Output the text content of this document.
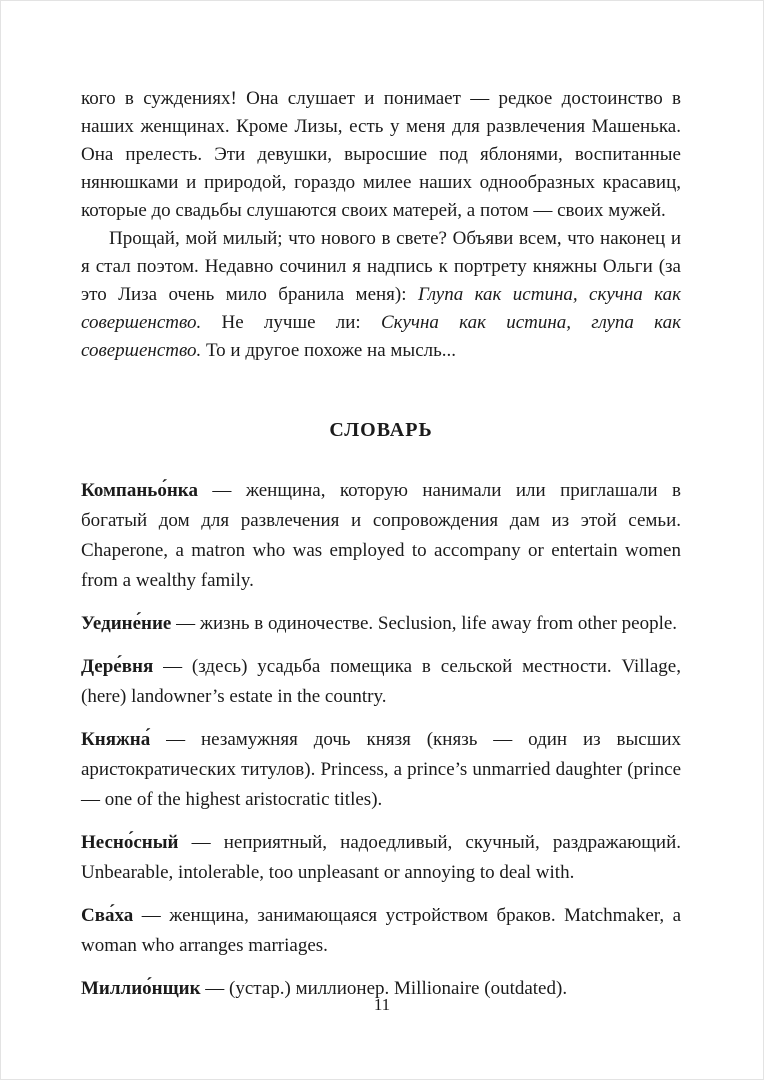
кого в суждениях! Она слушает и понимает — редкое достоинство в наших женщинах. Кроме Лизы, есть у меня для развлечения Машенька. Она прелесть. Эти девушки, выросшие под яблонями, воспитанные нянюшками и природой, гораздо милее наших однообразных красавиц, которые до свадьбы слушаются своих матерей, а потом — своих мужей.

Прощай, мой милый; что нового в свете? Объяви всем, что наконец и я стал поэтом. Недавно сочинил я надпись к портрету княжны Ольги (за это Лиза очень мило бранила меня): Глупа как истина, скучна как совершенство. Не лучше ли: Скучна как истина, глупа как совершенство. То и другое похоже на мысль...

СЛОВАРЬ

Компаньо́нка — женщина, которую нанимали или приглашали в богатый дом для развлечения и сопровождения дам из этой семьи. Chaperone, a matron who was employed to accompany or entertain women from a wealthy family.

Уедине́ние — жизнь в одиночестве. Seclusion, life away from other people.

Дере́вня — (здесь) усадьба помещика в сельской местности. Village, (here) landowner’s estate in the country.

Княжна́ — незамужняя дочь князя (князь — один из высших аристократических титулов). Princess, a prince’s unmarried daughter (prince — one of the highest aristocratic titles).

Несно́сный — неприятный, надоедливый, скучный, раздражающий. Unbearable, intolerable, too unpleasant or annoying to deal with.

Сва́ха — женщина, занимающаяся устройством браков. Matchmaker, a woman who arranges marriages.

Миллио́нщик — (устар.) миллионер. Millionaire (outdated).

11
